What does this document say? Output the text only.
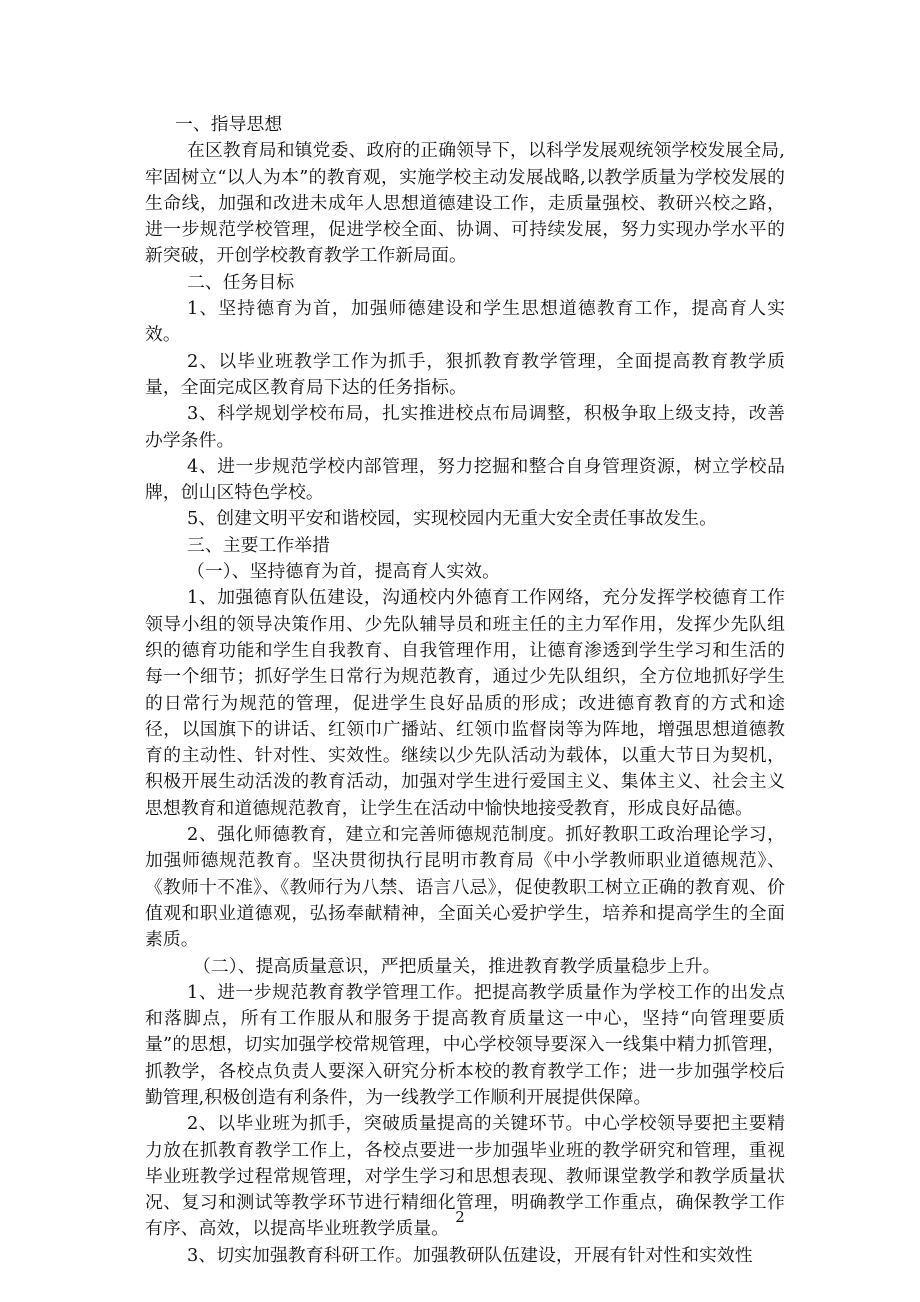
一、指导思想

在区教育局和镇党委、政府的正确领导下，以科学发展观统领学校发展全局,牢固树立“以人为本”的教育观，实施学校主动发展战略,以教学质量为学校发展的生命线，加强和改进未成年人思想道德建设工作，走质量强校、教研兴校之路，进一步规范学校管理，促进学校全面、协调、可持续发展，努力实现办学水平的新突破，开创学校教育教学工作新局面。

二、任务目标

1、坚持德育为首，加强师德建设和学生思想道德教育工作，提高育人实效。

2、以毕业班教学工作为抓手，狠抓教育教学管理，全面提高教育教学质量，全面完成区教育局下达的任务指标。

3、科学规划学校布局，扎实推进校点布局调整，积极争取上级支持，改善办学条件。

4、进一步规范学校内部管理，努力挖掘和整合自身管理资源，树立学校品牌，创山区特色学校。

5、创建文明平安和谐校园，实现校园内无重大安全责任事故发生。

三、主要工作举措

（一）、坚持德育为首，提高育人实效。

1、加强德育队伍建设，沟通校内外德育工作网络，充分发挥学校德育工作领导小组的领导决策作用、少先队辅导员和班主任的主力军作用，发挥少先队组织的德育功能和学生自我教育、自我管理作用，让德育渗透到学生学习和生活的每一个细节；抓好学生日常行为规范教育，通过少先队组织，全方位地抓好学生的日常行为规范的管理，促进学生良好品质的形成；改进德育教育的方式和途径，以国旗下的讲话、红领巾广播站、红领巾监督岗等为阵地，增强思想道德教育的主动性、针对性、实效性。继续以少先队活动为载体，以重大节日为契机，积极开展生动活泼的教育活动，加强对学生进行爱国主义、集体主义、社会主义思想教育和道德规范教育，让学生在活动中愉快地接受教育，形成良好品德。

2、强化师德教育，建立和完善师德规范制度。抓好教职工政治理论学习，加强师德规范教育。坚决贯彻执行昆明市教育局《中小学教师职业道德规范》、《教师十不准》、《教师行为八禁、语言八忌》，促使教职工树立正确的教育观、价值观和职业道德观，弘扬奉献精神，全面关心爱护学生，培养和提高学生的全面素质。

（二）、提高质量意识，严把质量关，推进教育教学质量稳步上升。

1、进一步规范教育教学管理工作。把提高教学质量作为学校工作的出发点和落脚点，所有工作服从和服务于提高教育质量这一中心，坚持“向管理要质量”的思想，切实加强学校常规管理，中心学校领导要深入一线集中精力抓管理，抓教学，各校点负责人要深入研究分析本校的教育教学工作；进一步加强学校后勤管理,积极创造有利条件，为一线教学工作顺利开展提供保障。

2、以毕业班为抓手，突破质量提高的关键环节。中心学校领导要把主要精力放在抓教育教学工作上，各校点要进一步加强毕业班的教学研究和管理，重视毕业班教学过程常规管理，对学生学习和思想表现、教师课堂教学和教学质量状况、复习和测试等教学环节进行精细化管理，明确教学工作重点，确保教学工作有序、高效，以提高毕业班教学质量。

3、切实加强教育科研工作。加强教研队伍建设，开展有针对性和实效性

2
